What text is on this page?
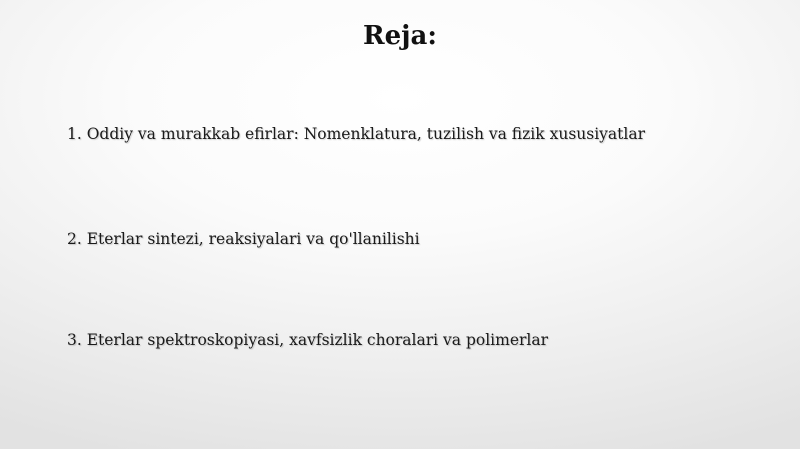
Reja:
1. Oddiy va murakkab efirlar: Nomenklatura, tuzilish va fizik xususiyatlar
2. Eterlar sintezi, reaksiyalari va qo'llanilishi
3. Eterlar spektroskopiyasi, xavfsizlik choralari va polimerlar
